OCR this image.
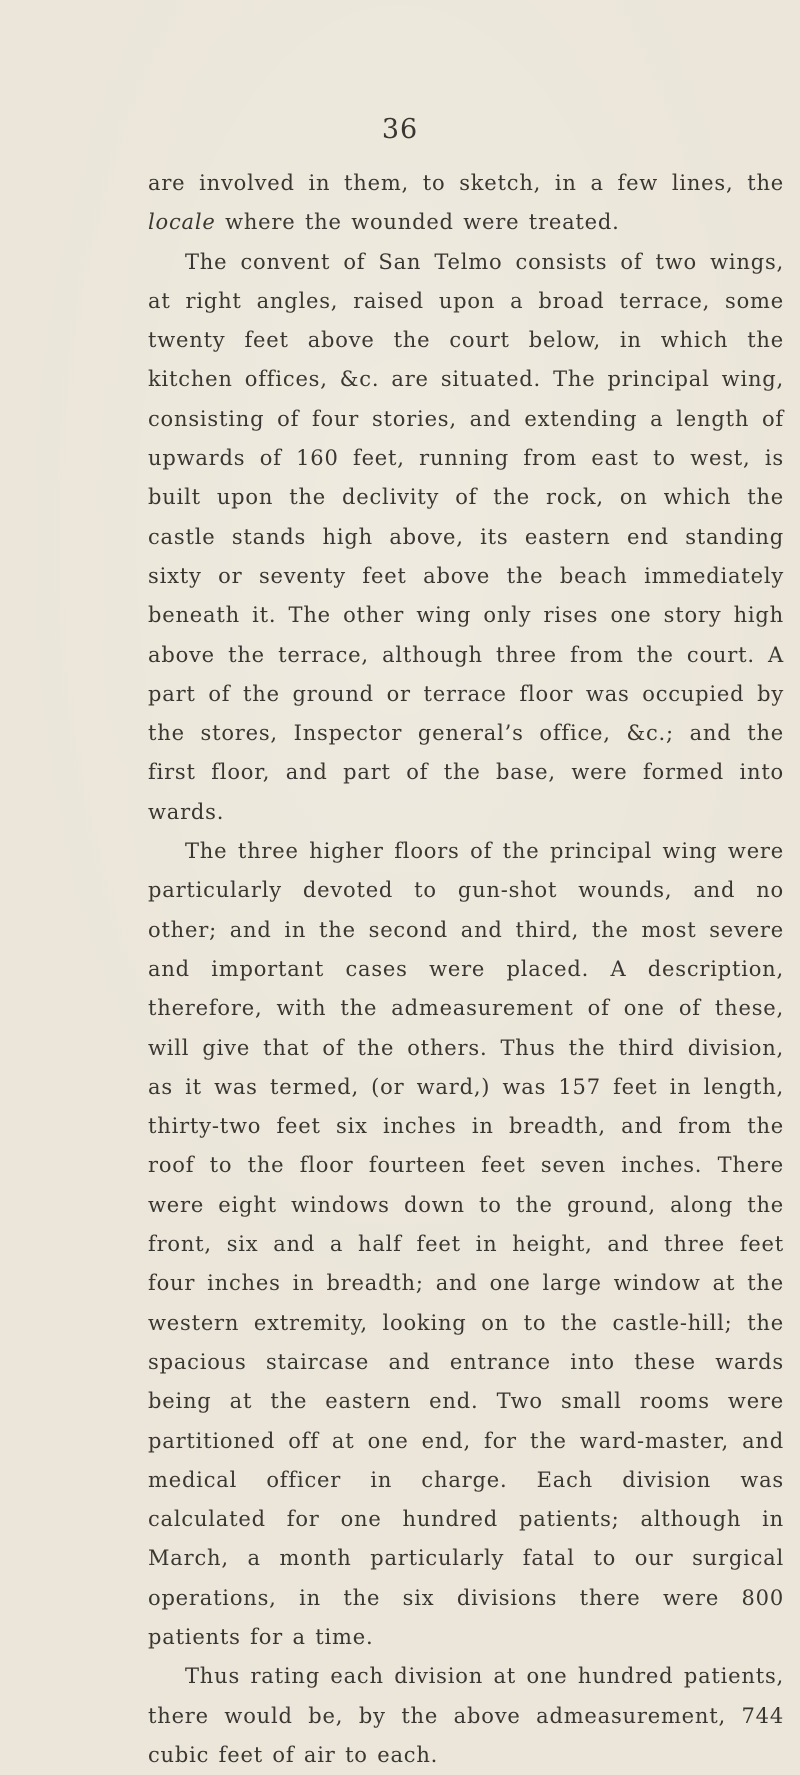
36

are involved in them, to sketch, in a few lines, the locale where the wounded were treated.

The convent of San Telmo consists of two wings, at right angles, raised upon a broad terrace, some twenty feet above the court below, in which the kitchen offices, &c. are situated. The principal wing, consisting of four stories, and extending a length of upwards of 160 feet, running from east to west, is built upon the declivity of the rock, on which the castle stands high above, its eastern end standing sixty or seventy feet above the beach immediately beneath it. The other wing only rises one story high above the terrace, although three from the court. A part of the ground or terrace floor was occupied by the stores, Inspector general’s office, &c.; and the first floor, and part of the base, were formed into wards.

The three higher floors of the principal wing were particularly devoted to gun-shot wounds, and no other; and in the second and third, the most severe and important cases were placed. A description, therefore, with the admeasurement of one of these, will give that of the others. Thus the third division, as it was termed, (or ward,) was 157 feet in length, thirty-two feet six inches in breadth, and from the roof to the floor fourteen feet seven inches. There were eight windows down to the ground, along the front, six and a half feet in height, and three feet four inches in breadth; and one large window at the western extremity, looking on to the castle-hill; the spacious staircase and entrance into these wards being at the eastern end. Two small rooms were partitioned off at one end, for the ward-master, and medical officer in charge. Each division was calculated for one hundred patients; although in March, a month particularly fatal to our surgical operations, in the six divisions there were 800 patients for a time.

Thus rating each division at one hundred patients, there would be, by the above admeasurement, 744 cubic feet of air to each.
